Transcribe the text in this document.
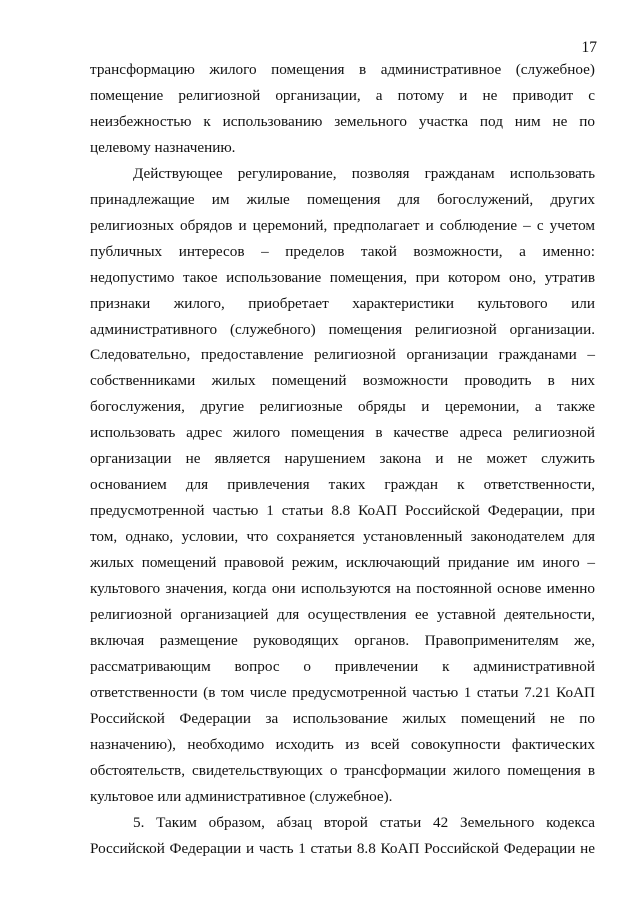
17
трансформацию жилого помещения в административное (служебное)
помещение религиозной организации, а потому и не приводит с
неизбежностью к использованию земельного участка под ним не по
целевому назначению.
Действующее регулирование, позволяя гражданам использовать
принадлежащие им жилые помещения для богослужений, других
религиозных обрядов и церемоний, предполагает и соблюдение – с учетом
публичных интересов – пределов такой возможности, а именно:
недопустимо такое использование помещения, при котором оно, утратив
признаки жилого, приобретает характеристики культового или
административного (служебного) помещения религиозной организации.
Следовательно, предоставление религиозной организации гражданами –
собственниками жилых помещений возможности проводить в них
богослужения, другие религиозные обряды и церемонии, а также
использовать адрес жилого помещения в качестве адреса религиозной
организации не является нарушением закона и не может служить
основанием для привлечения таких граждан к ответственности,
предусмотренной частью 1 статьи 8.8 КоАП Российской Федерации, при
том, однако, условии, что сохраняется установленный законодателем для
жилых помещений правовой режим, исключающий придание им иного –
культового значения, когда они используются на постоянной основе именно
религиозной организацией для осуществления ее уставной деятельности,
включая размещение руководящих органов. Правоприменителям же,
рассматривающим вопрос о привлечении к административной
ответственности (в том числе предусмотренной частью 1 статьи 7.21 КоАП
Российской Федерации за использование жилых помещений не по
назначению), необходимо исходить из всей совокупности фактических
обстоятельств, свидетельствующих о трансформации жилого помещения в
культовое или административное (служебное).
5. Таким образом, абзац второй статьи 42 Земельного кодекса
Российской Федерации и часть 1 статьи 8.8 КоАП Российской Федерации не
